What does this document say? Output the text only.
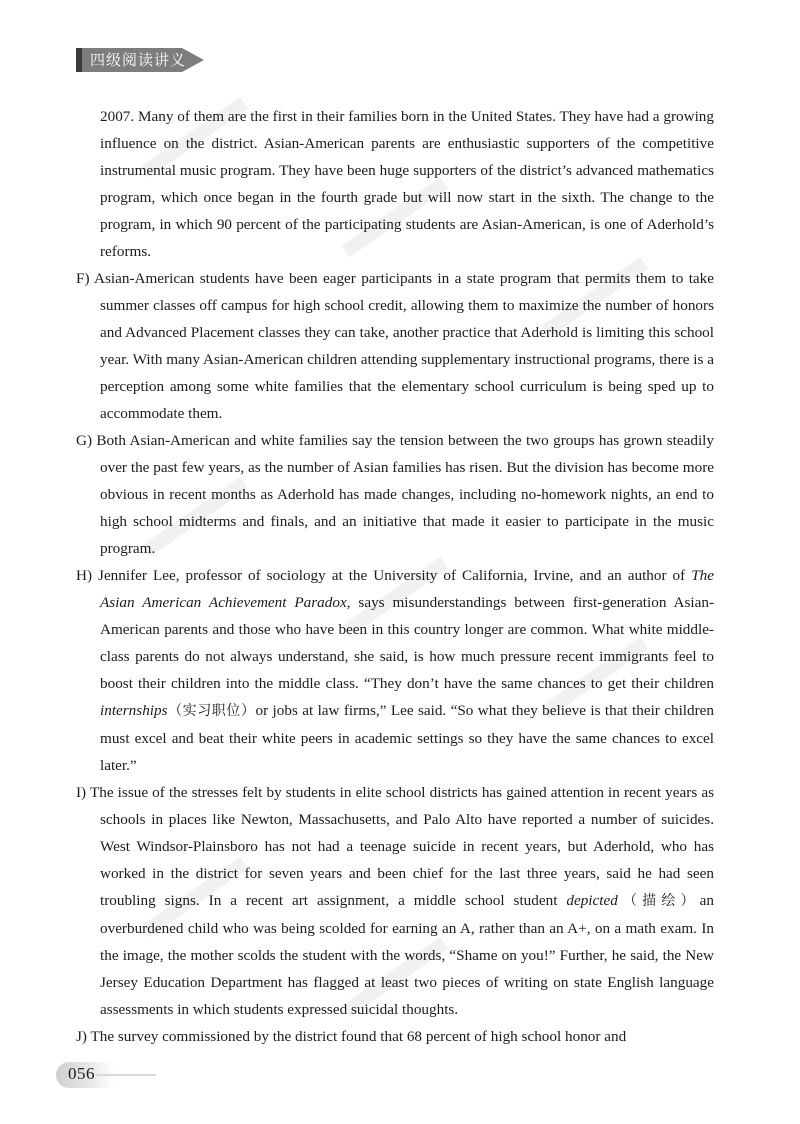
四级阅读讲义

2007. Many of them are the first in their families born in the United States. They have had a growing influence on the district. Asian-American parents are enthusiastic supporters of the competitive instrumental music program. They have been huge supporters of the district’s advanced mathematics program, which once began in the fourth grade but will now start in the sixth. The change to the program, in which 90 percent of the participating students are Asian-American, is one of Aderhold’s reforms.

F) Asian-American students have been eager participants in a state program that permits them to take summer classes off campus for high school credit, allowing them to maximize the number of honors and Advanced Placement classes they can take, another practice that Aderhold is limiting this school year. With many Asian-American children attending supplementary instructional programs, there is a perception among some white families that the elementary school curriculum is being sped up to accommodate them.

G) Both Asian-American and white families say the tension between the two groups has grown steadily over the past few years, as the number of Asian families has risen. But the division has become more obvious in recent months as Aderhold has made changes, including no-homework nights, an end to high school midterms and finals, and an initiative that made it easier to participate in the music program.

H) Jennifer Lee, professor of sociology at the University of California, Irvine, and an author of The Asian American Achievement Paradox, says misunderstandings between first-generation Asian-American parents and those who have been in this country longer are common. What white middle-class parents do not always understand, she said, is how much pressure recent immigrants feel to boost their children into the middle class. “They don’t have the same chances to get their children internships（实习职位）or jobs at law firms,” Lee said. “So what they believe is that their children must excel and beat their white peers in academic settings so they have the same chances to excel later.”

I) The issue of the stresses felt by students in elite school districts has gained attention in recent years as schools in places like Newton, Massachusetts, and Palo Alto have reported a number of suicides. West Windsor-Plainsboro has not had a teenage suicide in recent years, but Aderhold, who has worked in the district for seven years and been chief for the last three years, said he had seen troubling signs. In a recent art assignment, a middle school student depicted（描绘）an overburdened child who was being scolded for earning an A, rather than an A+, on a math exam. In the image, the mother scolds the student with the words, “Shame on you!” Further, he said, the New Jersey Education Department has flagged at least two pieces of writing on state English language assessments in which students expressed suicidal thoughts.

J) The survey commissioned by the district found that 68 percent of high school honor and

056
